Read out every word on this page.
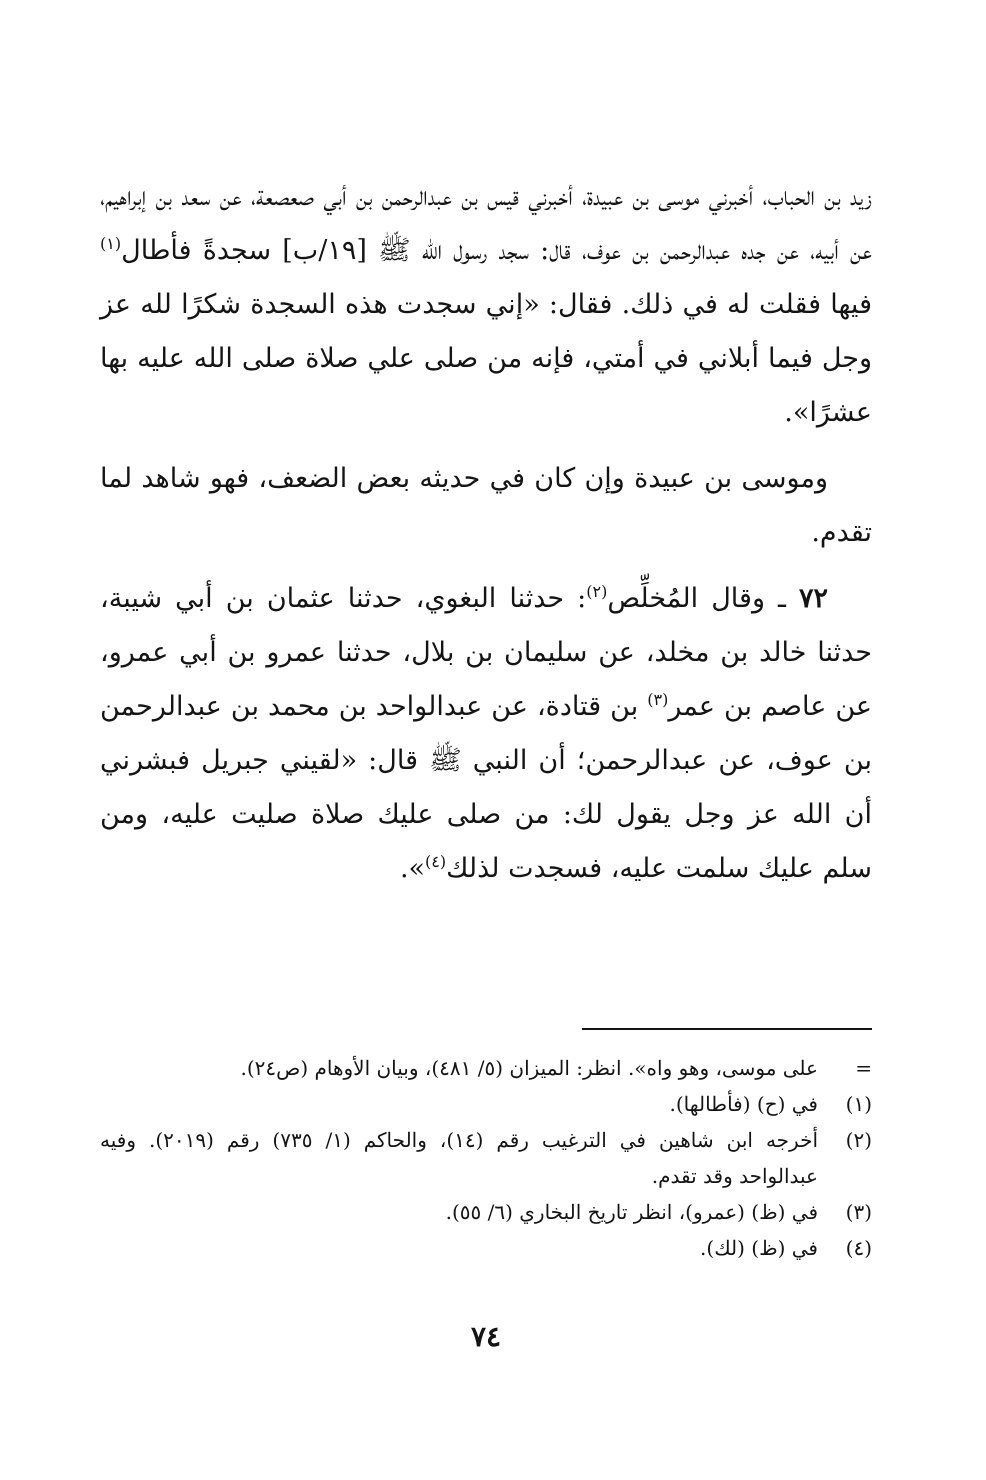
زيد بن الحباب، أخبرني موسى بن عبيدة، أخبرني قيس بن عبدالرحمن بن أبي صعصعة، عن سعد بن إبراهيم، عن أبيه، عن جده عبدالرحمن بن عوف، قال: سجد رسول الله ﷺ [١٩/ب] سجدةً فأطال$^{(١)}$ فيها فقلت له في ذلك. فقال: «إني سجدت هذه السجدة شكرًا لله عز وجل فيما أبلاني في أمتي، فإنه من صلى علي صلاة صلى الله عليه بها عشرًا».

وموسى بن عبيدة وإن كان في حديثه بعض الضعف، فهو شاهد لما تقدم.

٧٢ ـ وقال المُخلِّص$^{(٢)}$: حدثنا البغوي، حدثنا عثمان بن أبي شيبة، حدثنا خالد بن مخلد، عن سليمان بن بلال، حدثنا عمرو بن أبي عمرو، عن عاصم بن عمر$^{(٣)}$ بن قتادة، عن عبدالواحد بن محمد بن عبدالرحمن بن عوف، عن عبدالرحمن؛ أن النبي ﷺ قال: «لقيني جبريل فبشرني أن الله عز وجل يقول لك: من صلى عليك صلاة صليت عليه، ومن سلم عليك سلمت عليه، فسجدت لذلك$^{(٤)}$».

=
على موسى، وهو واه». انظر: الميزان (٥/ ٤٨١)، وبيان الأوهام (ص٢٤).
(١)
في (ح) (فأطالها).
(٢)
أخرجه ابن شاهين في الترغيب رقم (١٤)، والحاكم (١/ ٧٣٥) رقم (٢٠١٩). وفيه عبدالواحد وقد تقدم.
(٣)
في (ظ) (عمرو)، انظر تاريخ البخاري (٦/ ٥٥).
(٤)
في (ظ) (لك).
٧٤
